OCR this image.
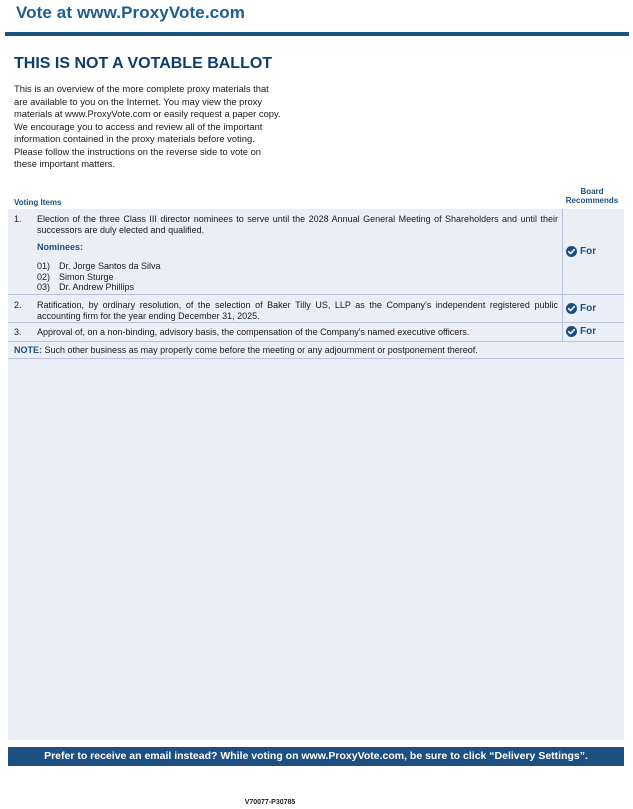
Vote at www.ProxyVote.com
THIS IS NOT A VOTABLE BALLOT
This is an overview of the more complete proxy materials that
are available to you on the Internet. You may view the proxy
materials at www.ProxyVote.com or easily request a paper copy.
We encourage you to access and review all of the important
information contained in the proxy materials before voting.
Please follow the instructions on the reverse side to vote on
these important matters.
Voting Items
Board
Recommends
1. Election of the three Class III director nominees to serve until the 2028 Annual General Meeting of Shareholders and until their successors are duly elected and qualified.
Nominees:
01) Dr. Jorge Santos da Silva
02) Simon Sturge
03) Dr. Andrew Phillips
For
2. Ratification, by ordinary resolution, of the selection of Baker Tilly US, LLP as the Company's independent registered public accounting firm for the year ending December 31, 2025.
For
3. Approval of, on a non-binding, advisory basis, the compensation of the Company's named executive officers.	For
NOTE: Such other business as may properly come before the meeting or any adjournment or postponement thereof.
Prefer to receive an email instead? While voting on www.ProxyVote.com, be sure to click “Delivery Settings”.
V70077-P30785
